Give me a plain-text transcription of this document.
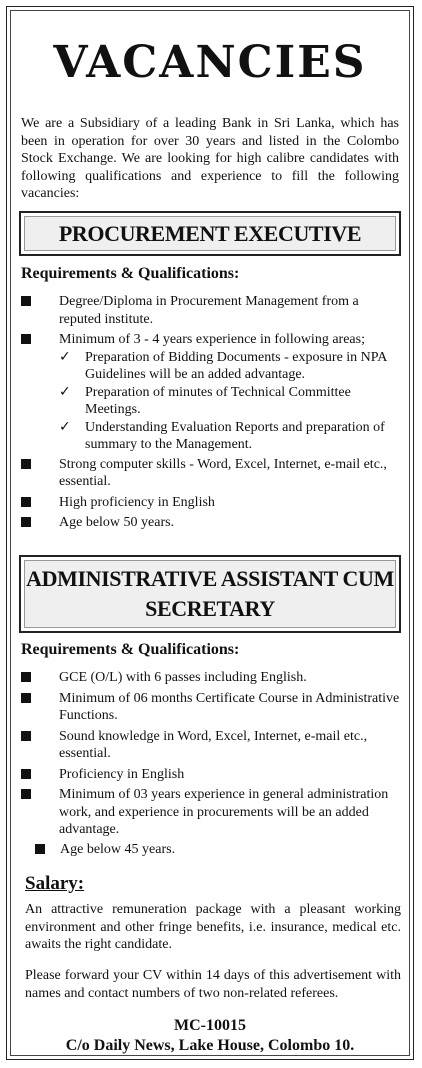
VACANCIES
We are a Subsidiary of a leading Bank in Sri Lanka, which has been in operation for over 30 years and listed in the Colombo Stock Exchange. We are looking for high calibre candidates with following qualifications and experience to fill the following vacancies:
PROCUREMENT EXECUTIVE
Requirements & Qualifications:
Degree/Diploma in Procurement Management from a reputed institute.
Minimum of 3 - 4 years experience in following areas;
✓ Preparation of Bidding Documents - exposure in NPA Guidelines will be an added advantage.
✓ Preparation of minutes of Technical Committee Meetings.
✓ Understanding Evaluation Reports and preparation of summary to the Management.
Strong computer skills - Word, Excel, Internet, e-mail etc., essential.
High proficiency in English
Age below 50 years.
ADMINISTRATIVE ASSISTANT CUM
SECRETARY
Requirements & Qualifications:
GCE (O/L) with 6 passes including English.
Minimum of 06 months Certificate Course in Administrative Functions.
Sound knowledge in Word, Excel, Internet, e-mail etc., essential.
Proficiency in English
Minimum of 03 years experience in general administration work, and experience in procurements will be an added advantage.
Age below 45 years.
Salary:
An attractive remuneration package with a pleasant working environment and other fringe benefits, i.e. insurance, medical etc. awaits the right candidate.
Please forward your CV within 14 days of this advertisement with names and contact numbers of two non-related referees.
MC-10015
C/o Daily News, Lake House, Colombo 10.
